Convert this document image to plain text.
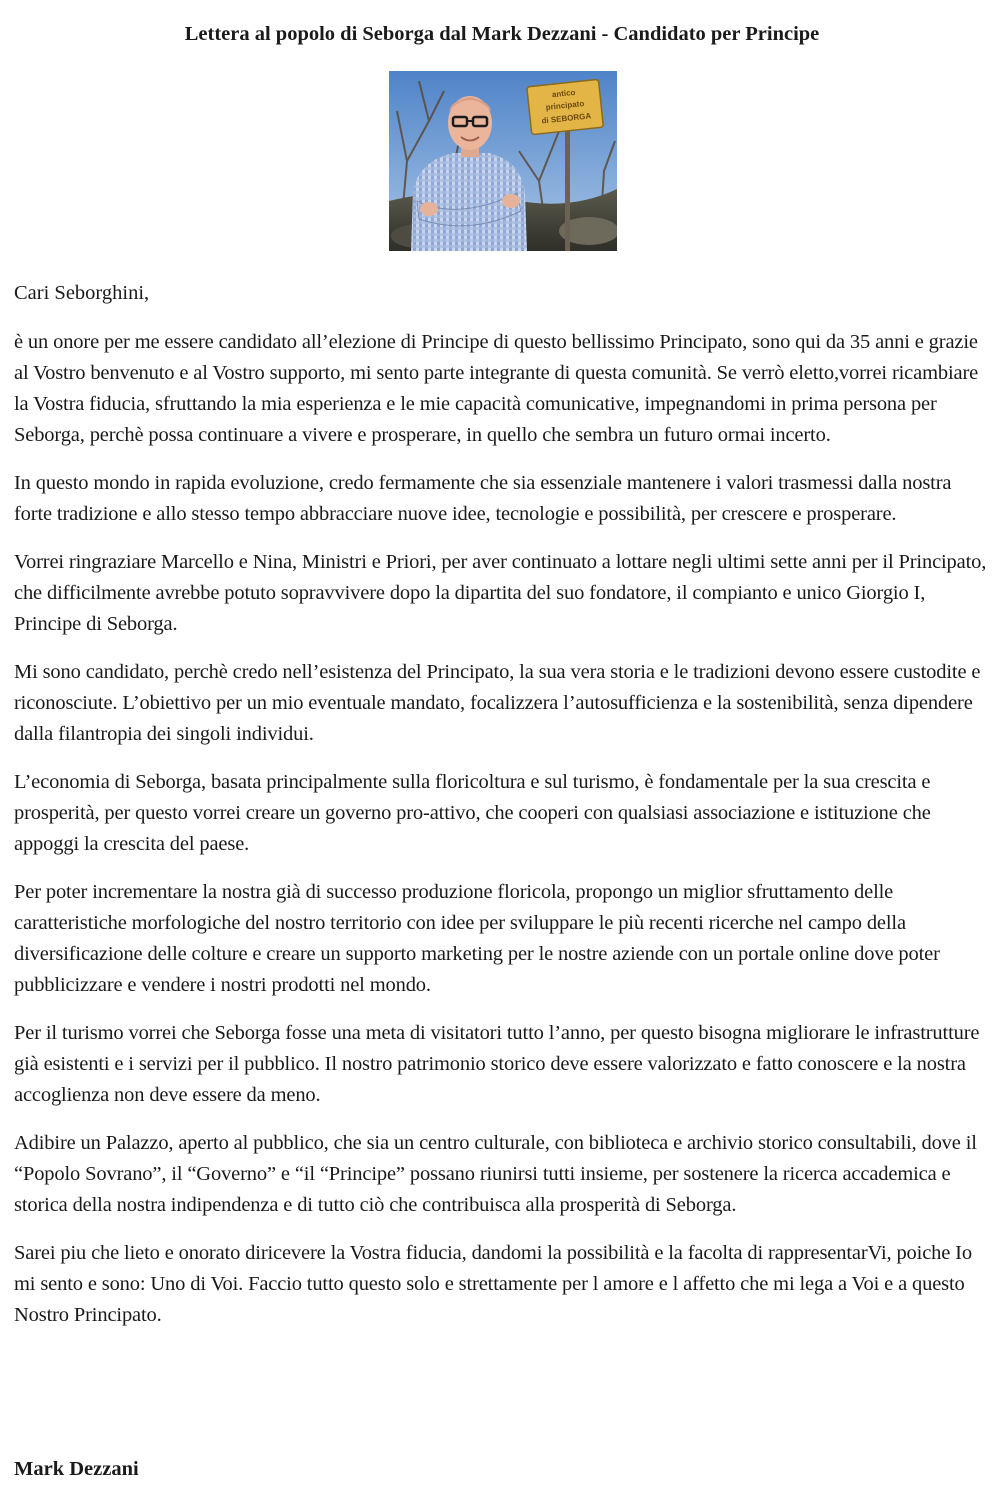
Lettera al popolo di Seborga dal Mark Dezzani - Candidato per Principe
antico
principato
di SEBORGA

Cari Seborghini,

è un onore per me essere candidato all’elezione di Principe di questo bellissimo Principato, sono qui da 35 anni e grazie al Vostro benvenuto e al Vostro supporto, mi sento parte integrante di questa comunità. Se verrò eletto,vorrei ricambiare la Vostra fiducia, sfruttando la mia esperienza e le mie capacità comunicative, impegnandomi in prima persona per Seborga, perchè possa continuare a vivere e prosperare, in quello che sembra un futuro ormai incerto.

In questo mondo in rapida evoluzione, credo fermamente che sia essenziale mantenere i valori trasmessi dalla nostra forte tradizione e allo stesso tempo abbracciare nuove idee, tecnologie e possibilità, per crescere e prosperare.

Vorrei ringraziare Marcello e Nina, Ministri e Priori, per aver continuato a lottare negli ultimi sette anni per il Principato, che difficilmente avrebbe potuto sopravvivere dopo la dipartita del suo fondatore, il compianto e unico Giorgio I, Principe di Seborga.

Mi sono candidato, perchè credo nell’esistenza del Principato, la sua vera storia e le tradizioni devono essere custodite e riconosciute. L’obiettivo per un mio eventuale mandato, focalizzera l’autosufficienza e la sostenibilità, senza dipendere dalla filantropia dei singoli individui.

L’economia di Seborga, basata principalmente sulla floricoltura e sul turismo, è fondamentale per la sua crescita e prosperità, per questo vorrei creare un governo pro-attivo, che cooperi con qualsiasi associazione e istituzione che appoggi la crescita del paese.

Per poter incrementare la nostra già di successo produzione floricola, propongo un miglior sfruttamento delle caratteristiche morfologiche del nostro territorio con idee per sviluppare le più recenti ricerche nel campo della diversificazione delle colture e creare un supporto marketing per le nostre aziende con un portale online dove poter pubblicizzare e vendere i nostri prodotti nel mondo.

Per il turismo vorrei che Seborga fosse una meta di visitatori tutto l’anno, per questo bisogna migliorare le infrastrutture già esistenti e i servizi per il pubblico. Il nostro patrimonio storico deve essere valorizzato e fatto conoscere e la nostra accoglienza non deve essere da meno.

Adibire un Palazzo, aperto al pubblico, che sia un centro culturale, con biblioteca e archivio storico consultabili, dove il “Popolo Sovrano”, il “Governo” e “il “Principe” possano riunirsi tutti insieme, per sostenere la ricerca accademica e storica della nostra indipendenza e di tutto ciò che contribuisca alla prosperità di Seborga.

Sarei piu che lieto e onorato diricevere la Vostra fiducia, dandomi la possibilità e la facolta di rappresentarVi, poiche Io mi sento e sono: Uno di Voi. Faccio tutto questo solo e strettamente per l amore e l affetto che mi lega a Voi e a questo Nostro Principato.

Mark Dezzani
